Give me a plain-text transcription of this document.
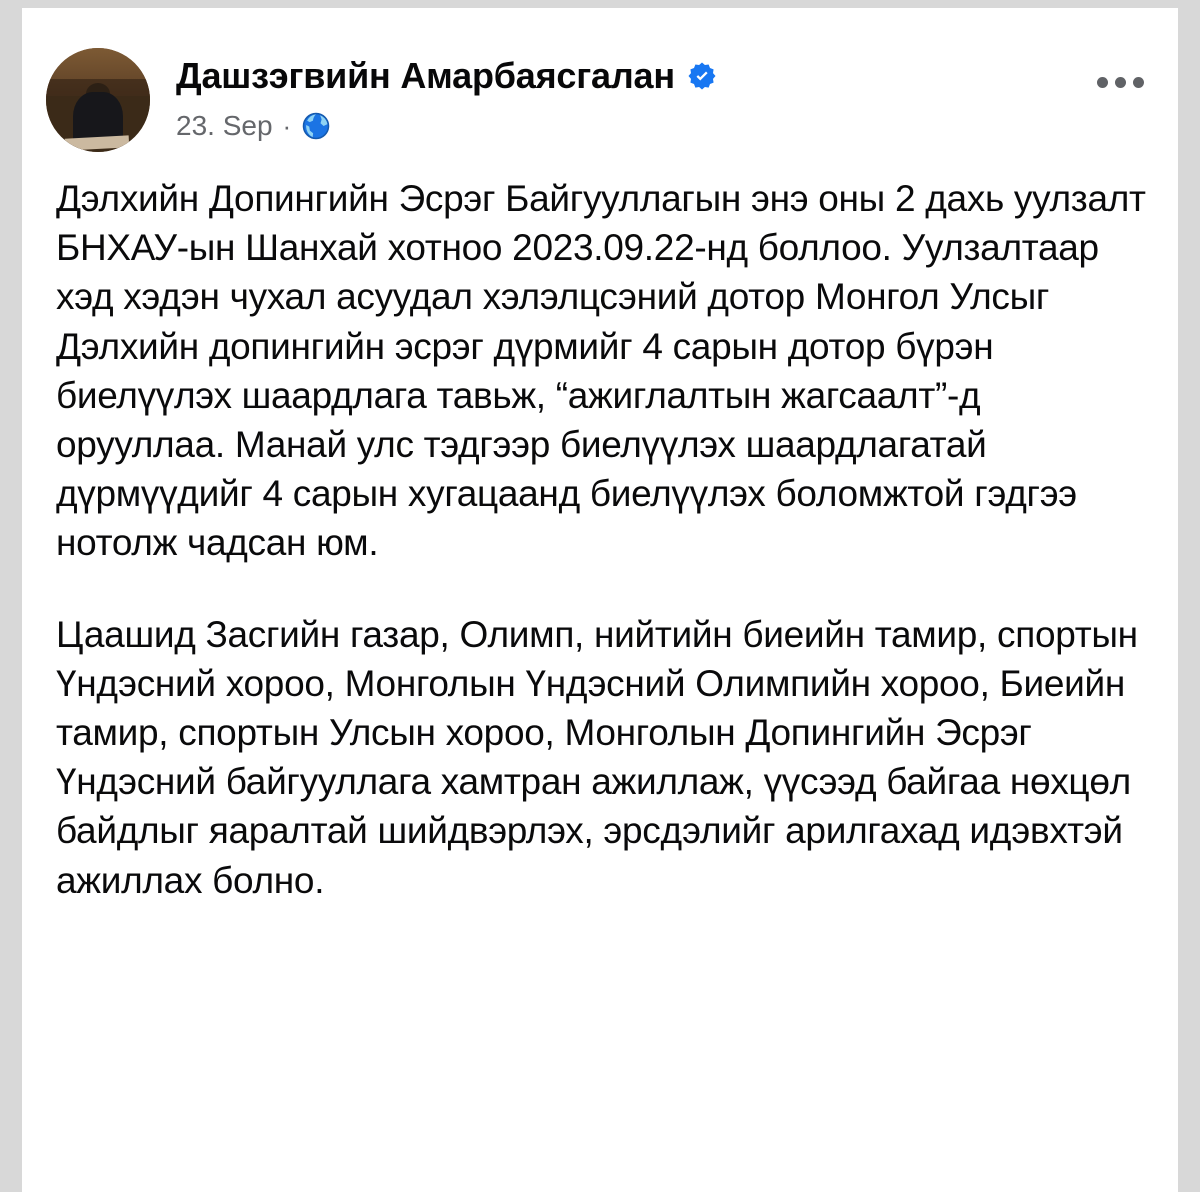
Дашзэгвийн Амарбаясгалан
23. Sep ·

Дэлхийн Допингийн Эсрэг Байгууллагын энэ оны 2 дахь уулзалт БНХАУ-ын Шанхай хотноо 2023.09.22-нд боллоо. Уулзалтаар хэд хэдэн чухал асуудал хэлэлцсэний дотор Монгол Улсыг Дэлхийн допингийн эсрэг дүрмийг 4 сарын дотор бүрэн биелүүлэх шаардлага тавьж, “ажиглалтын жагсаалт”-д орууллаа. Манай улс тэдгээр биелүүлэх шаардлагатай дүрмүүдийг 4 сарын хугацаанд биелүүлэх боломжтой гэдгээ нотолж чадсан юм.

Цаашид Засгийн газар, Олимп, нийтийн биеийн тамир, спортын Үндэсний хороо, Монголын Үндэсний Олимпийн хороо, Биеийн тамир, спортын Улсын хороо, Монголын Допингийн Эсрэг Үндэсний байгууллага хамтран ажиллаж, үүсээд байгаа нөхцөл байдлыг яаралтай шийдвэрлэх, эрсдэлийг арилгахад идэвхтэй ажиллах болно.
